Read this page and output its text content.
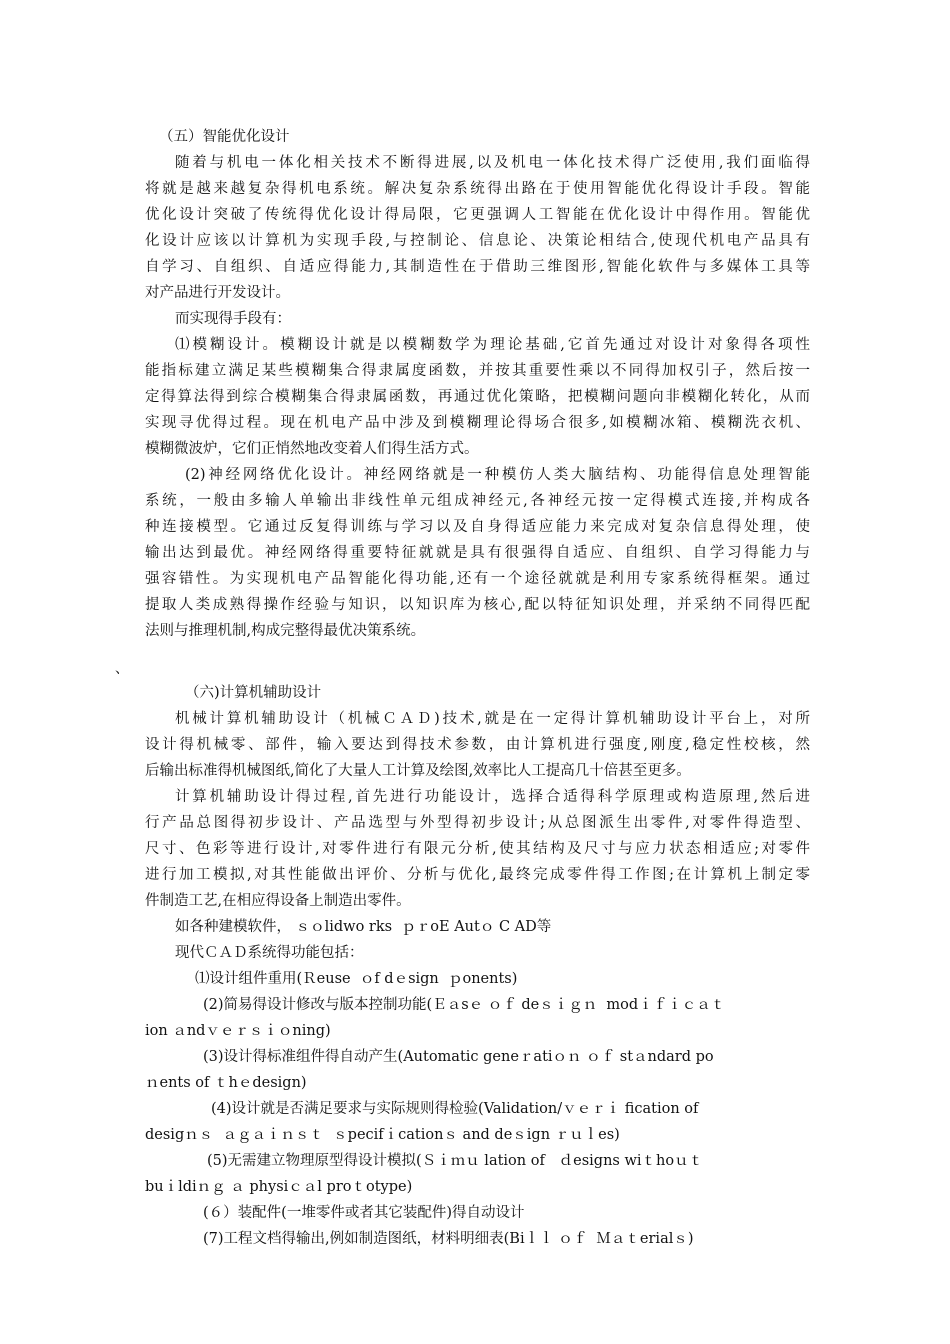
（五）智能优化设计
随着与机电一体化相关技术不断得进展,以及机电一体化技术得广泛使用,我们面临得
将就是越来越复杂得机电系统。解决复杂系统得出路在于使用智能优化得设计手段。智能
优化设计突破了传统得优化设计得局限，它更强调人工智能在优化设计中得作用。智能优
化设计应该以计算机为实现手段,与控制论、信息论、决策论相结合,使现代机电产品具有
自学习、自组织、自适应得能力,其制造性在于借助三维图形,智能化软件与多媒体工具等
对产品进行开发设计。
而实现得手段有：
⑴模糊设计。模糊设计就是以模糊数学为理论基础,它首先通过对设计对象得各项性
能指标建立满足某些模糊集合得隶属度函数，并按其重要性乘以不同得加权引子，然后按一
定得算法得到综合模糊集合得隶属函数，再通过优化策略，把模糊问题向非模糊化转化，从而
实现寻优得过程。现在机电产品中涉及到模糊理论得场合很多,如模糊冰箱、模糊洗衣机、
模糊微波炉，它们正悄然地改变着人们得生活方式。
(2)神经网络优化设计。神经网络就是一种模仿人类大脑结构、功能得信息处理智能
系统，一般由多输人单输出非线性单元组成神经元,各神经元按一定得模式连接,并构成各
种连接模型。它通过反复得训练与学习以及自身得适应能力来完成对复杂信息得处理，使
输出达到最优。神经网络得重要特征就就是具有很强得自适应、自组织、自学习得能力与
强容错性。为实现机电产品智能化得功能,还有一个途径就就是利用专家系统得框架。通过
提取人类成熟得操作经验与知识，以知识库为核心,配以特征知识处理，并采纳不同得匹配
法则与推理机制,构成完整得最优决策系统。
、
（六)计算机辅助设计
机械计算机辅助设计（机械ＣＡＤ)技术,就是在一定得计算机辅助设计平台上，对所
设计得机械零、部件，输入要达到得技术参数，由计算机进行强度,刚度,稳定性校核，然
后输出标准得机械图纸,简化了大量人工计算及绘图,效率比人工提高几十倍甚至更多。
计算机辅助设计得过程,首先进行功能设计，选择合适得科学原理或构造原理,然后进
行产品总图得初步设计、产品选型与外型得初步设计;从总图派生出零件,对零件得造型、
尺寸、色彩等进行设计,对零件进行有限元分析,使其结构及尺寸与应力状态相适应;对零件
进行加工模拟,对其性能做出评价、分析与优化,最终完成零件得工作图;在计算机上制定零
件制造工艺,在相应得设备上制造出零件。
如各种建模软件， ｓｏlidwo rks  ｐｒoE Autｏ C AD等
现代ＣＡＤ系统得功能包括：
⑴设计组件重用(Ｒeuse  ｏf dｅsign  ｐonents)
(2)简易得设计修改与版本控制功能(Ｅａsｅ ｏｆ deｓｉｇｎ  modｉｆｉｃａｔ
ion ａndｖｅｒｓｉｏning)
(3)设计得标准组件得自动产生(Automatic geneｒatiｏｎ ｏｆ stａndard po
ｎents of ｔhｅdesign)
(4)设计就是否满足要求与实际规则得检验(Validation/ｖｅｒｉ fication of
desigｎｓ  ａｇａｉｎｓｔ  ｓpecifｉcationｓ and deｓign ｒｕｌes)
(5)无需建立物理原型得设计模拟(Ｓｉｍｕ lation of   ｄesigns wiｔhoｕｔ
buｉldiｎｇ ａ physiｃａl proｔotype)
(６）装配件(一堆零件或者其它装配件)得自动设计
(7)工程文档得输出,例如制造图纸，材料明细表(Biｌｌ ｏｆ  Ｍａｔerialｓ)
